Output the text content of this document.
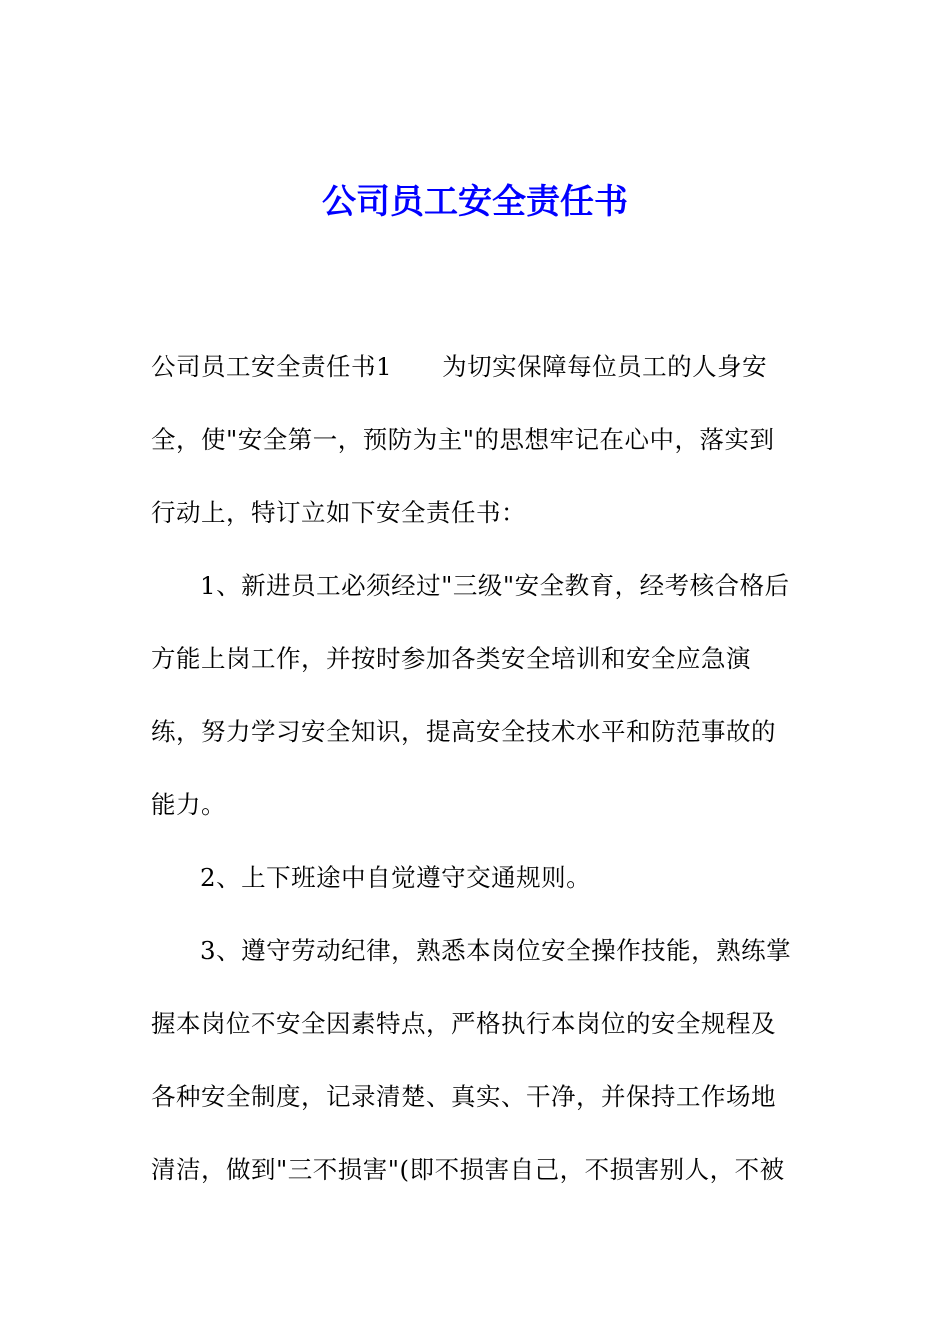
公司员工安全责任书
公司员工安全责任书1 为切实保障每位员工的人身安
全，使"安全第一，预防为主"的思想牢记在心中，落实到
行动上，特订立如下安全责任书：
1、新进员工必须经过"三级"安全教育，经考核合格后
方能上岗工作，并按时参加各类安全培训和安全应急演
练，努力学习安全知识，提高安全技术水平和防范事故的
能力。
2、上下班途中自觉遵守交通规则。
3、遵守劳动纪律，熟悉本岗位安全操作技能，熟练掌
握本岗位不安全因素特点，严格执行本岗位的安全规程及
各种安全制度，记录清楚、真实、干净，并保持工作场地
清洁，做到"三不损害"(即不损害自己，不损害别人，不被
